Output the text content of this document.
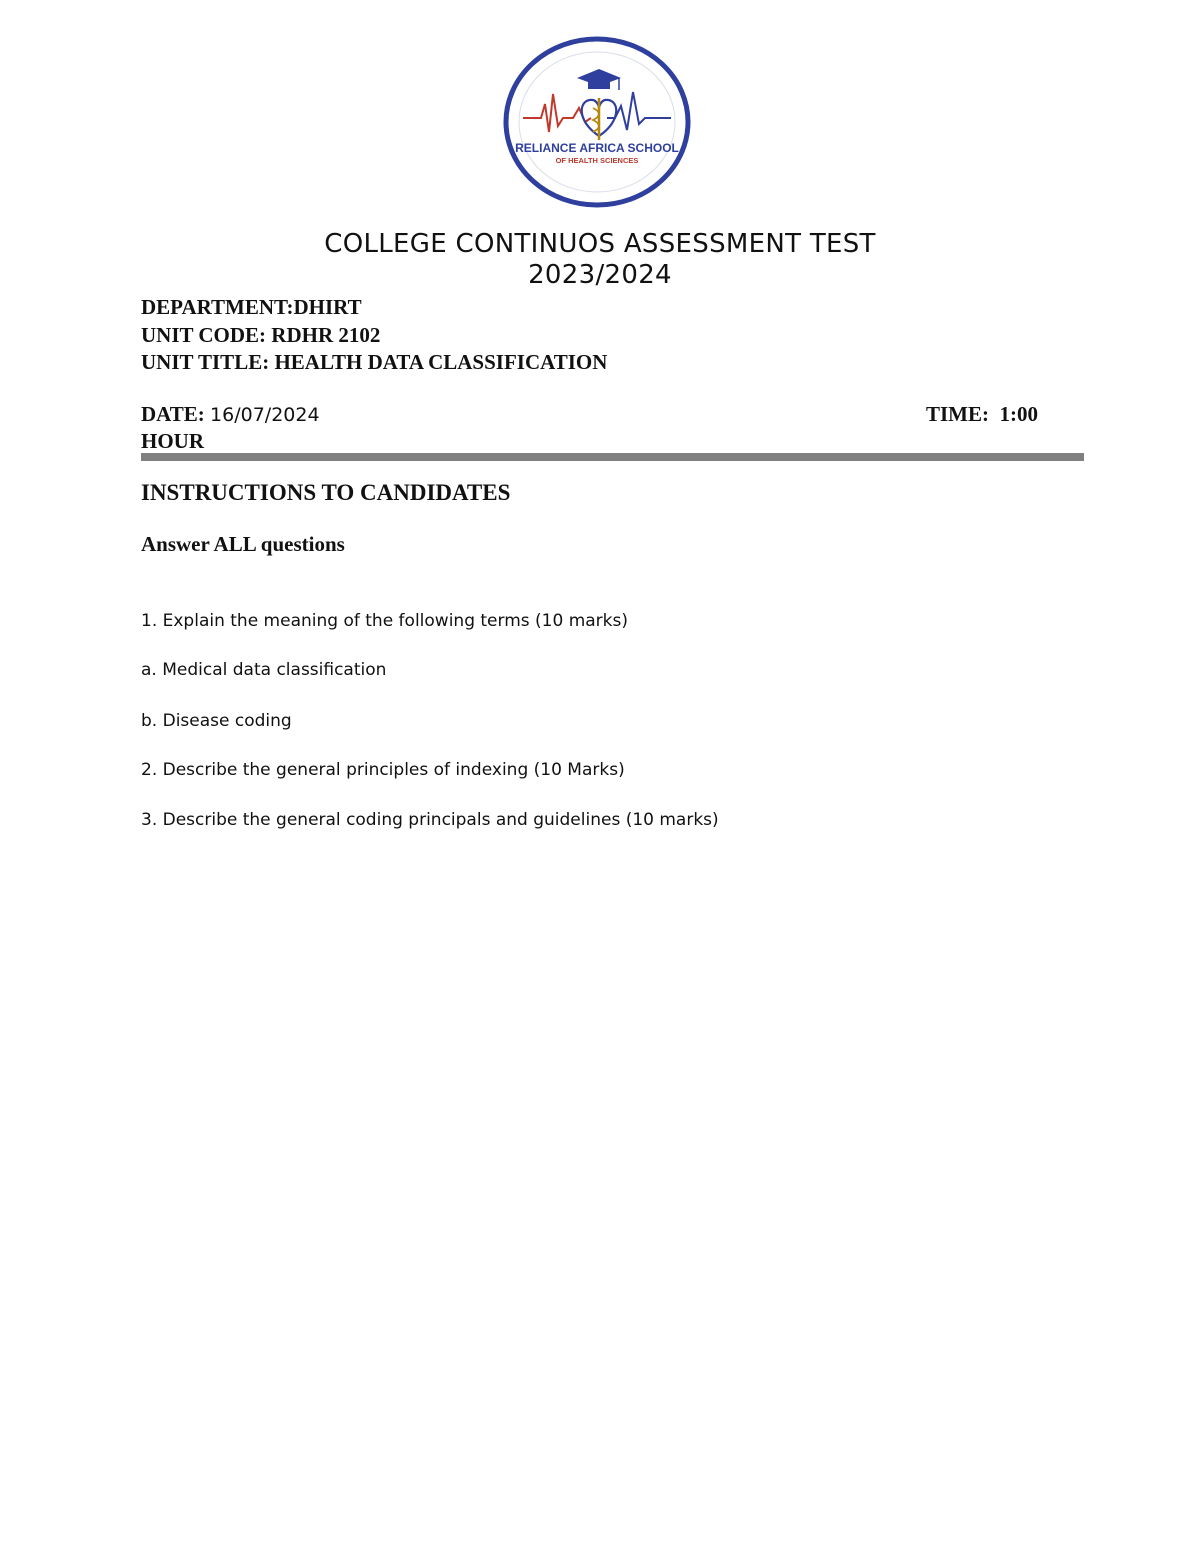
RELIANCE AFRICA SCHOOL
OF HEALTH SCIENCES
COLLEGE CONTINUOS ASSESSMENT TEST
2023/2024
DEPARTMENT:DHIRT
UNIT CODE: RDHR 2102
UNIT TITLE: HEALTH DATA CLASSIFICATION
DATE: 16/07/2024	TIME: 1:00
HOUR
INSTRUCTIONS TO CANDIDATES
Answer ALL questions
1. Explain the meaning of the following terms (10 marks)
a. Medical data classification
b. Disease coding
2. Describe the general principles of indexing (10 Marks)
3. Describe the general coding principals and guidelines (10 marks)
